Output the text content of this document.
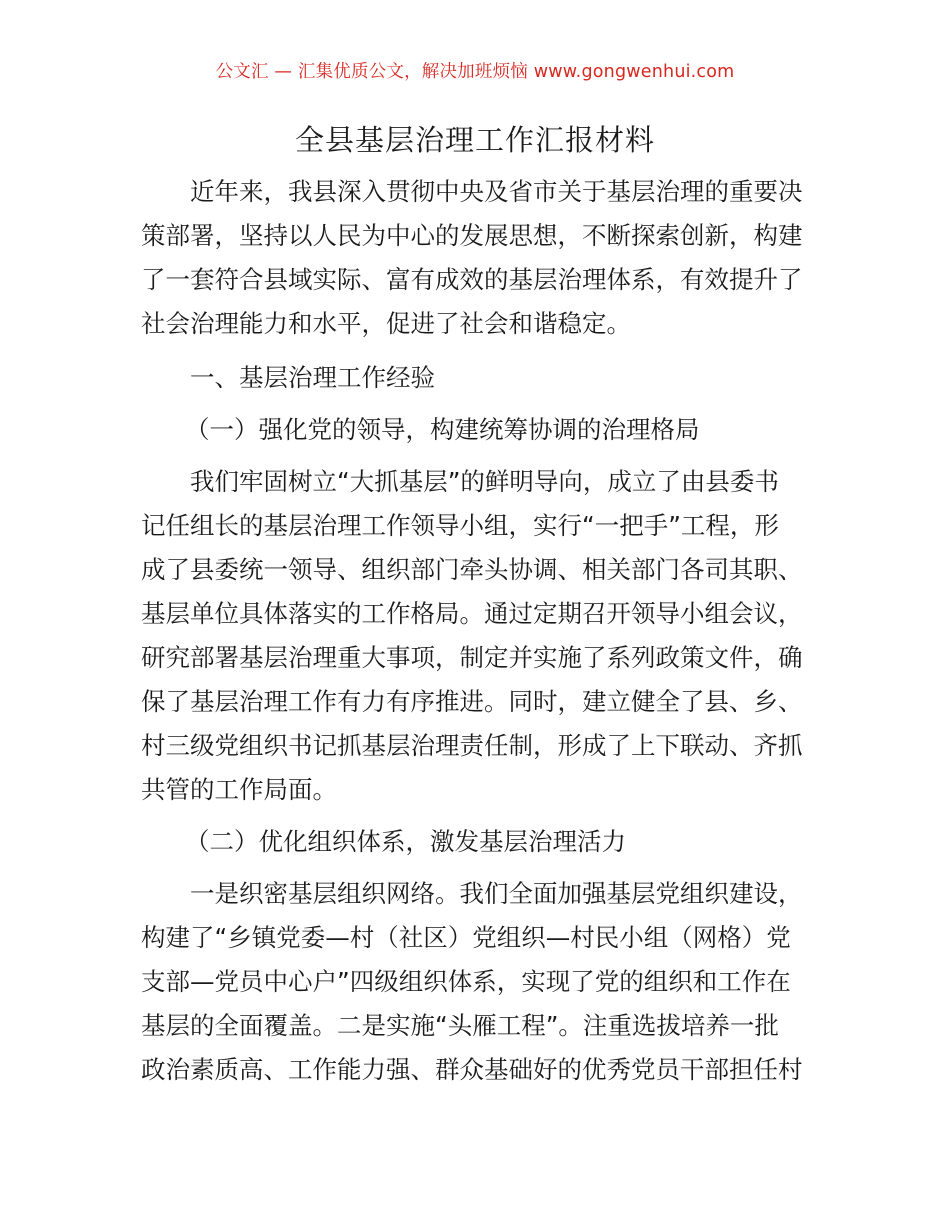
公文汇 — 汇集优质公文，解决加班烦恼 www.gongwenhui.com
全县基层治理工作汇报材料
近年来，我县深入贯彻中央及省市关于基层治理的重要决
策部署，坚持以人民为中心的发展思想，不断探索创新，构建
了一套符合县域实际、富有成效的基层治理体系，有效提升了
社会治理能力和水平，促进了社会和谐稳定。
一、基层治理工作经验
（一）强化党的领导，构建统筹协调的治理格局
我们牢固树立“大抓基层”的鲜明导向，成立了由县委书
记任组长的基层治理工作领导小组，实行“一把手”工程，形
成了县委统一领导、组织部门牵头协调、相关部门各司其职、
基层单位具体落实的工作格局。通过定期召开领导小组会议，
研究部署基层治理重大事项，制定并实施了系列政策文件，确
保了基层治理工作有力有序推进。同时，建立健全了县、乡、
村三级党组织书记抓基层治理责任制，形成了上下联动、齐抓
共管的工作局面。
（二）优化组织体系，激发基层治理活力
一是织密基层组织网络。我们全面加强基层党组织建设，
构建了“乡镇党委—村（社区）党组织—村民小组（网格）党
支部—党员中心户”四级组织体系，实现了党的组织和工作在
基层的全面覆盖。二是实施“头雁工程”。注重选拔培养一批
政治素质高、工作能力强、群众基础好的优秀党员干部担任村
